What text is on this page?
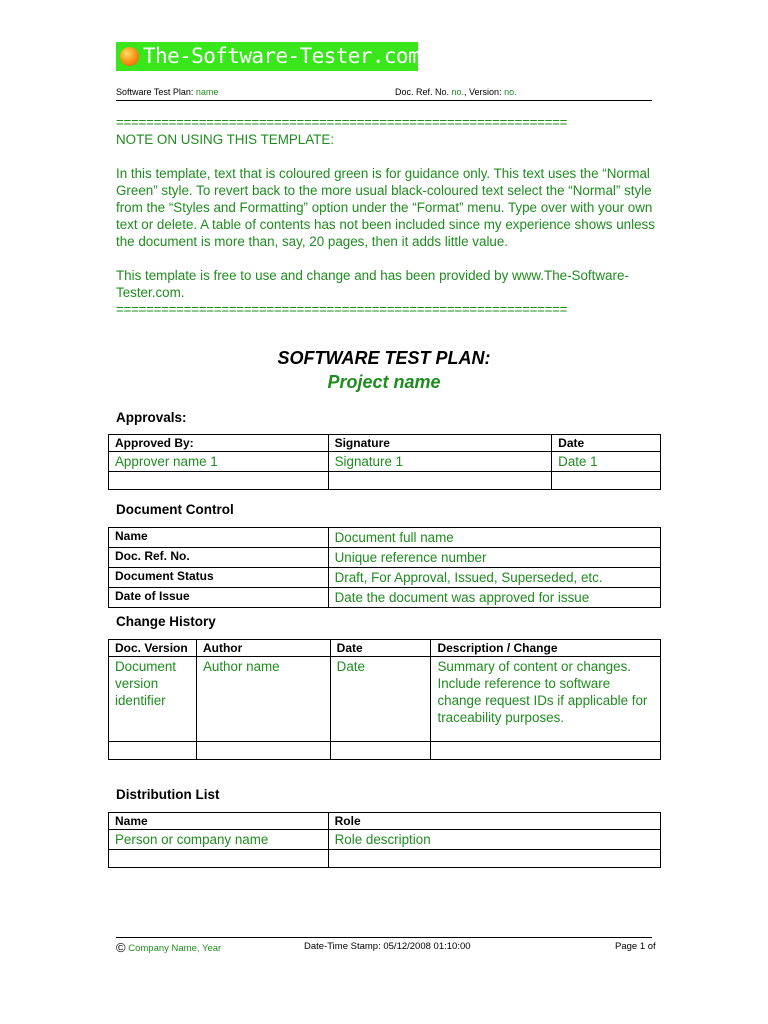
The-Software-Tester.com
Software Test Plan: name	Doc. Ref. No. no., Version: no.

============================================================

NOTE ON USING THIS TEMPLATE:

In this template, text that is coloured green is for guidance only. This text uses the “Normal Green” style. To revert back to the more usual black-coloured text select the “Normal” style from the “Styles and Formatting” option under the “Format” menu. Type over with your own text or delete. A table of contents has not been included since my experience shows unless the document is more than, say, 20 pages, then it adds little value.

This template is free to use and change and has been provided by www.The-Software-Tester.com.

============================================================

SOFTWARE TEST PLAN:
Project name
Approvals:
Approved By:	Signature	Date
Approver name 1	Signature 1	Date 1

Document Control
Name	Document full name
Doc. Ref. No.	Unique reference number
Document Status	Draft, For Approval, Issued, Superseded, etc.
Date of Issue	Date the document was approved for issue
Change History
Doc. Version	Author	Date	Description / Change
Document version identifier	Author name	Date	Summary of content or changes. Include reference to software change request IDs if applicable for traceability purposes.

Distribution List
Name	Role
Person or company name	Role description

© Company Name, Year	Date-Time Stamp: 05/12/2008 01:10:00	Page 1 of
